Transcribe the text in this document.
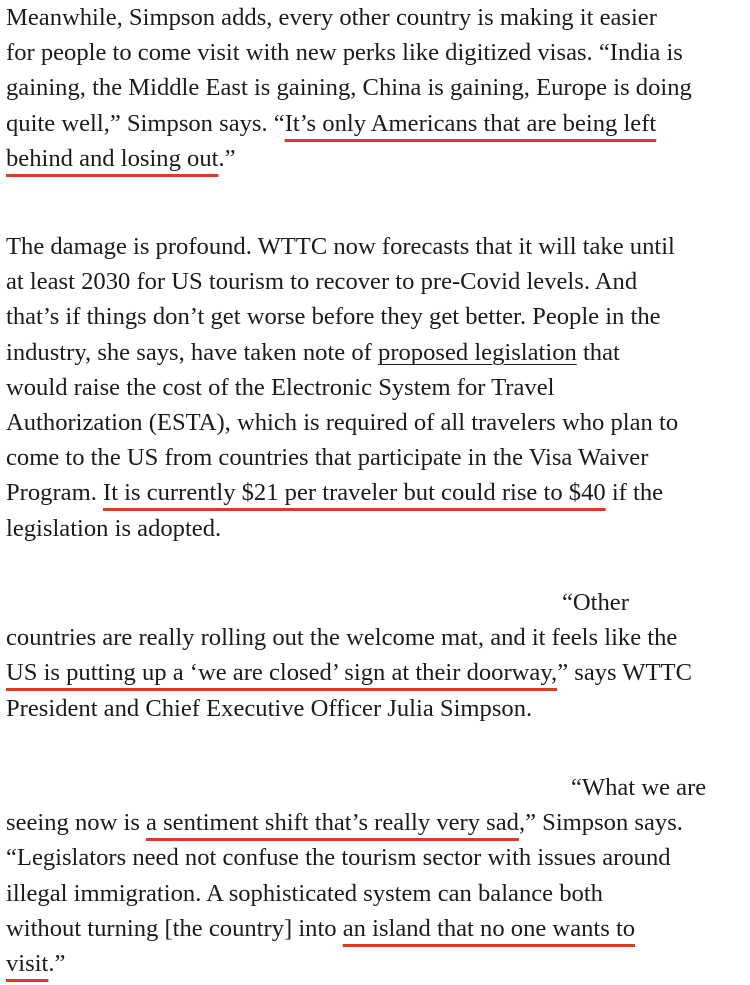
Meanwhile, Simpson adds, every other country is making it easier
for people to come visit with new perks like digitized visas. “India is
gaining, the Middle East is gaining, China is gaining, Europe is doing
quite well,” Simpson says. “It’s only Americans that are being left
behind and losing out.”

The damage is profound. WTTC now forecasts that it will take until
at least 2030 for US tourism to recover to pre-Covid levels. And
that’s if things don’t get worse before they get better. People in the
industry, she says, have taken note of proposed legislation that
would raise the cost of the Electronic System for Travel
Authorization (ESTA), which is required of all travelers who plan to
come to the US from countries that participate in the Visa Waiver
Program. It is currently $21 per traveler but could rise to $40 if the
legislation is adopted.

“Other
countries are really rolling out the welcome mat, and it feels like the
US is putting up a ‘we are closed’ sign at their doorway,” says WTTC
President and Chief Executive Officer Julia Simpson.

“What we are
seeing now is a sentiment shift that’s really very sad,” Simpson says.
“Legislators need not confuse the tourism sector with issues around
illegal immigration. A sophisticated system can balance both
without turning [the country] into an island that no one wants to
visit.”
